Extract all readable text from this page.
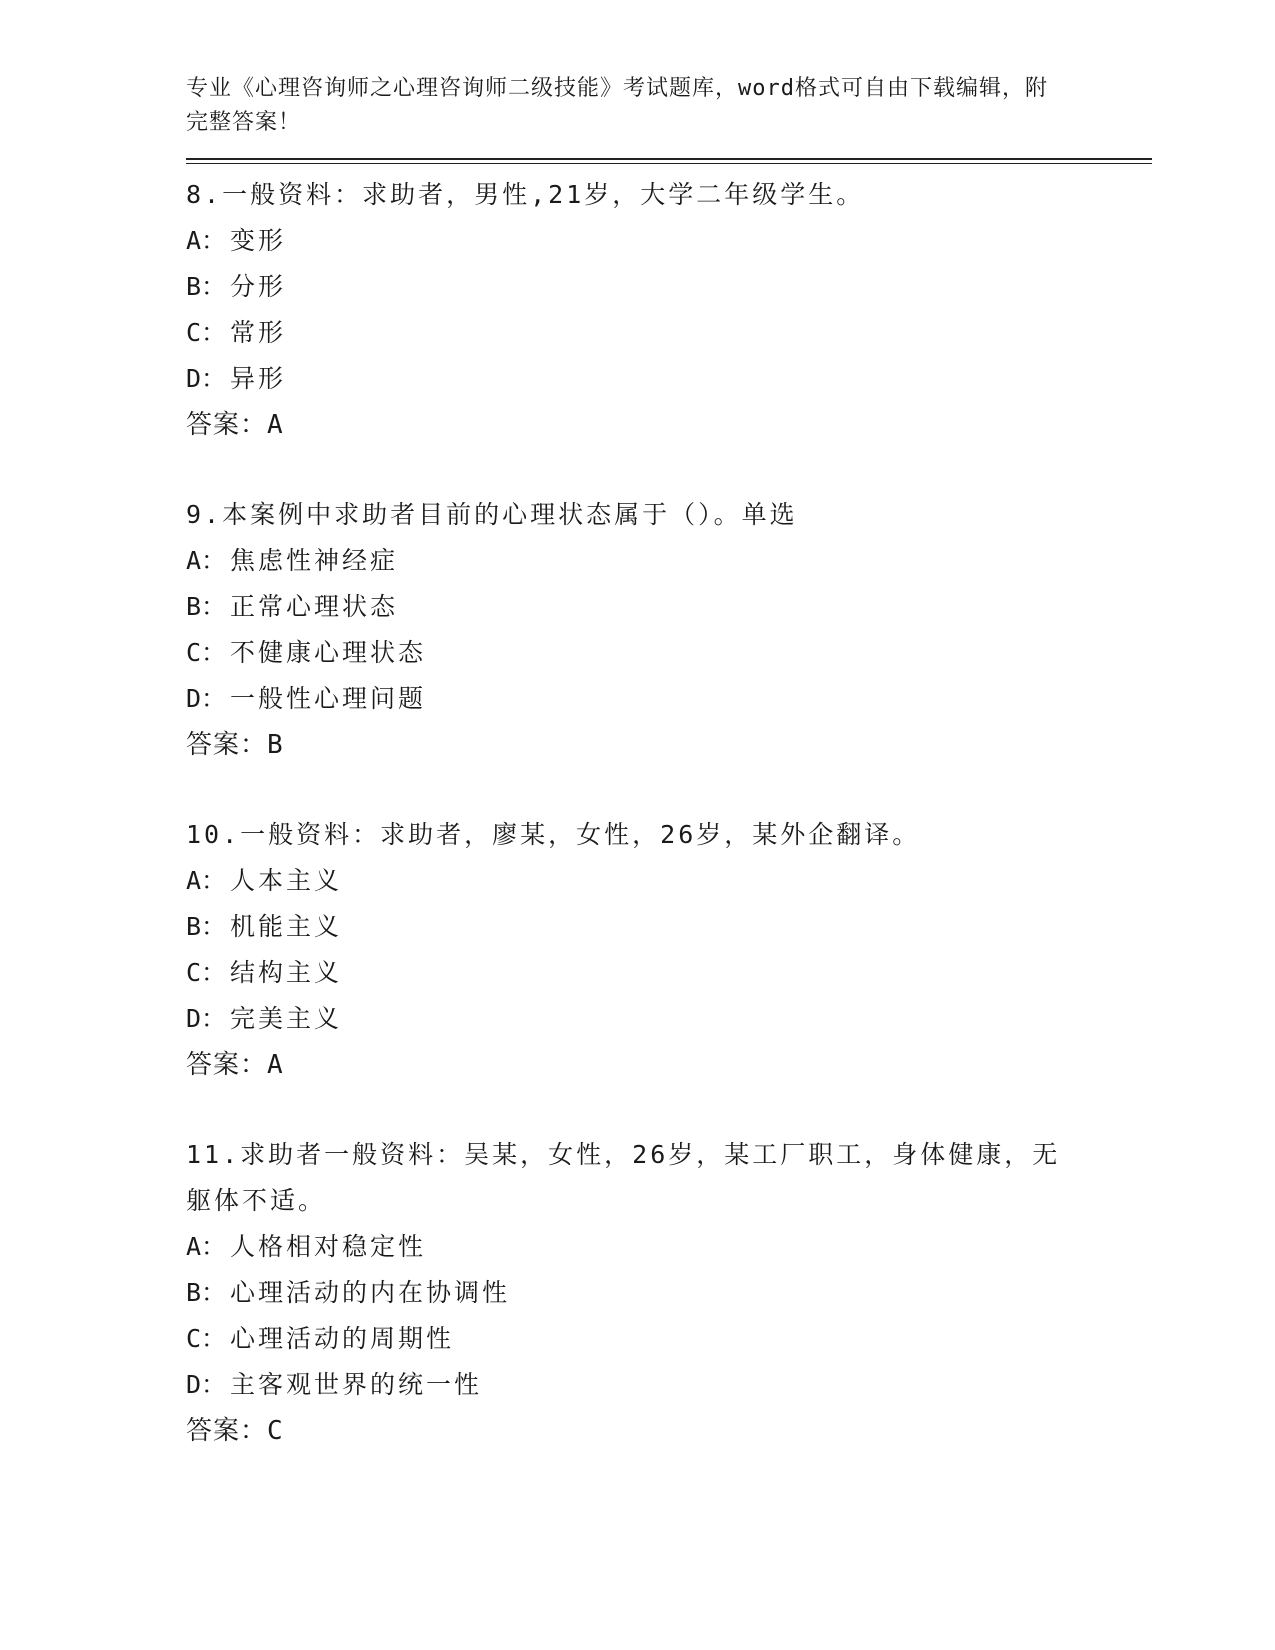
专业《心理咨询师之心理咨询师二级技能》考试题库，word格式可自由下载编辑，附完整答案！

8.一般资料：求助者，男性,21岁，大学二年级学生。

A： 变形

B： 分形

C： 常形

D： 异形

答案：A

9.本案例中求助者目前的心理状态属于（）。单选

A： 焦虑性神经症

B： 正常心理状态

C： 不健康心理状态

D： 一般性心理问题

答案：B

10.一般资料：求助者，廖某，女性，26岁，某外企翻译。

A： 人本主义

B： 机能主义

C： 结构主义

D： 完美主义

答案：A

11.求助者一般资料：吴某，女性，26岁，某工厂职工，身体健康，无躯体不适。

A： 人格相对稳定性

B： 心理活动的内在协调性

C： 心理活动的周期性

D： 主客观世界的统一性

答案：C
